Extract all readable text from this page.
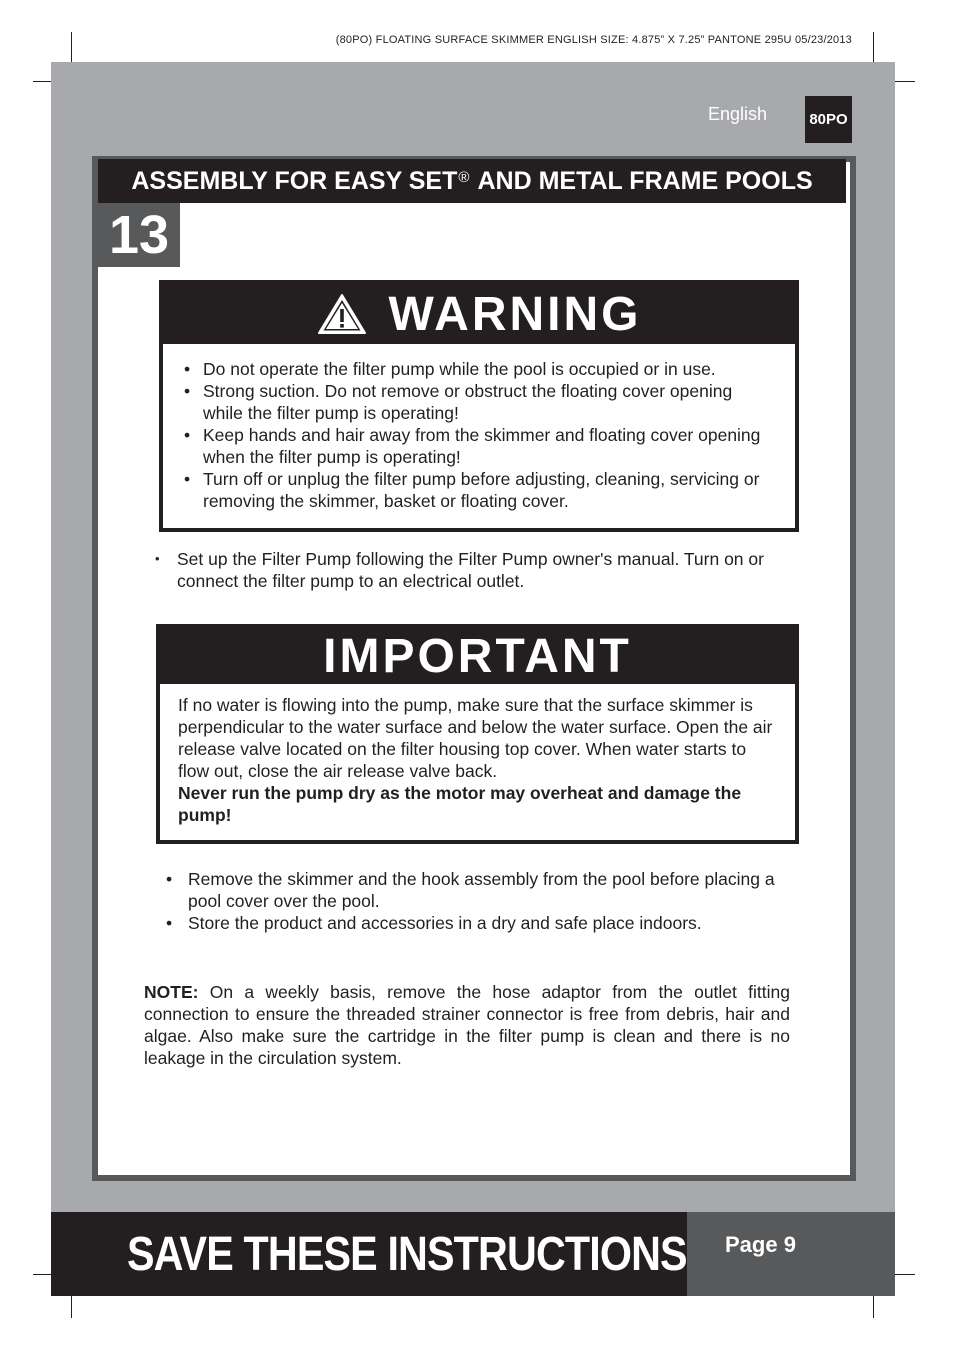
(80PO) FLOATING SURFACE SKIMMER ENGLISH SIZE: 4.875” X 7.25” PANTONE 295U 05/23/2013
English	80PO
ASSEMBLY FOR EASY SET® AND METAL FRAME POOLS
13
WARNING
• Do not operate the filter pump while the pool is occupied or in use.
• Strong suction. Do not remove or obstruct the floating cover opening while the filter pump is operating!
• Keep hands and hair away from the skimmer and floating cover opening when the filter pump is operating!
• Turn off or unplug the filter pump before adjusting, cleaning, servicing or removing the skimmer, basket or floating cover.
• Set up the Filter Pump following the Filter Pump owner's manual. Turn on or connect the filter pump to an electrical outlet.
IMPORTANT
If no water is flowing into the pump, make sure that the surface skimmer is perpendicular to the water surface and below the water surface. Open the air release valve located on the filter housing top cover. When water starts to flow out, close the air release valve back.
Never run the pump dry as the motor may overheat and damage the pump!
• Remove the skimmer and the hook assembly from the pool before placing a pool cover over the pool.
• Store the product and accessories in a dry and safe place indoors.
NOTE: On a weekly basis, remove the hose adaptor from the outlet fitting connection to ensure the threaded strainer connector is free from debris, hair and algae. Also make sure the cartridge in the filter pump is clean and there is no leakage in the circulation system.
SAVE THESE INSTRUCTIONS Page 9
